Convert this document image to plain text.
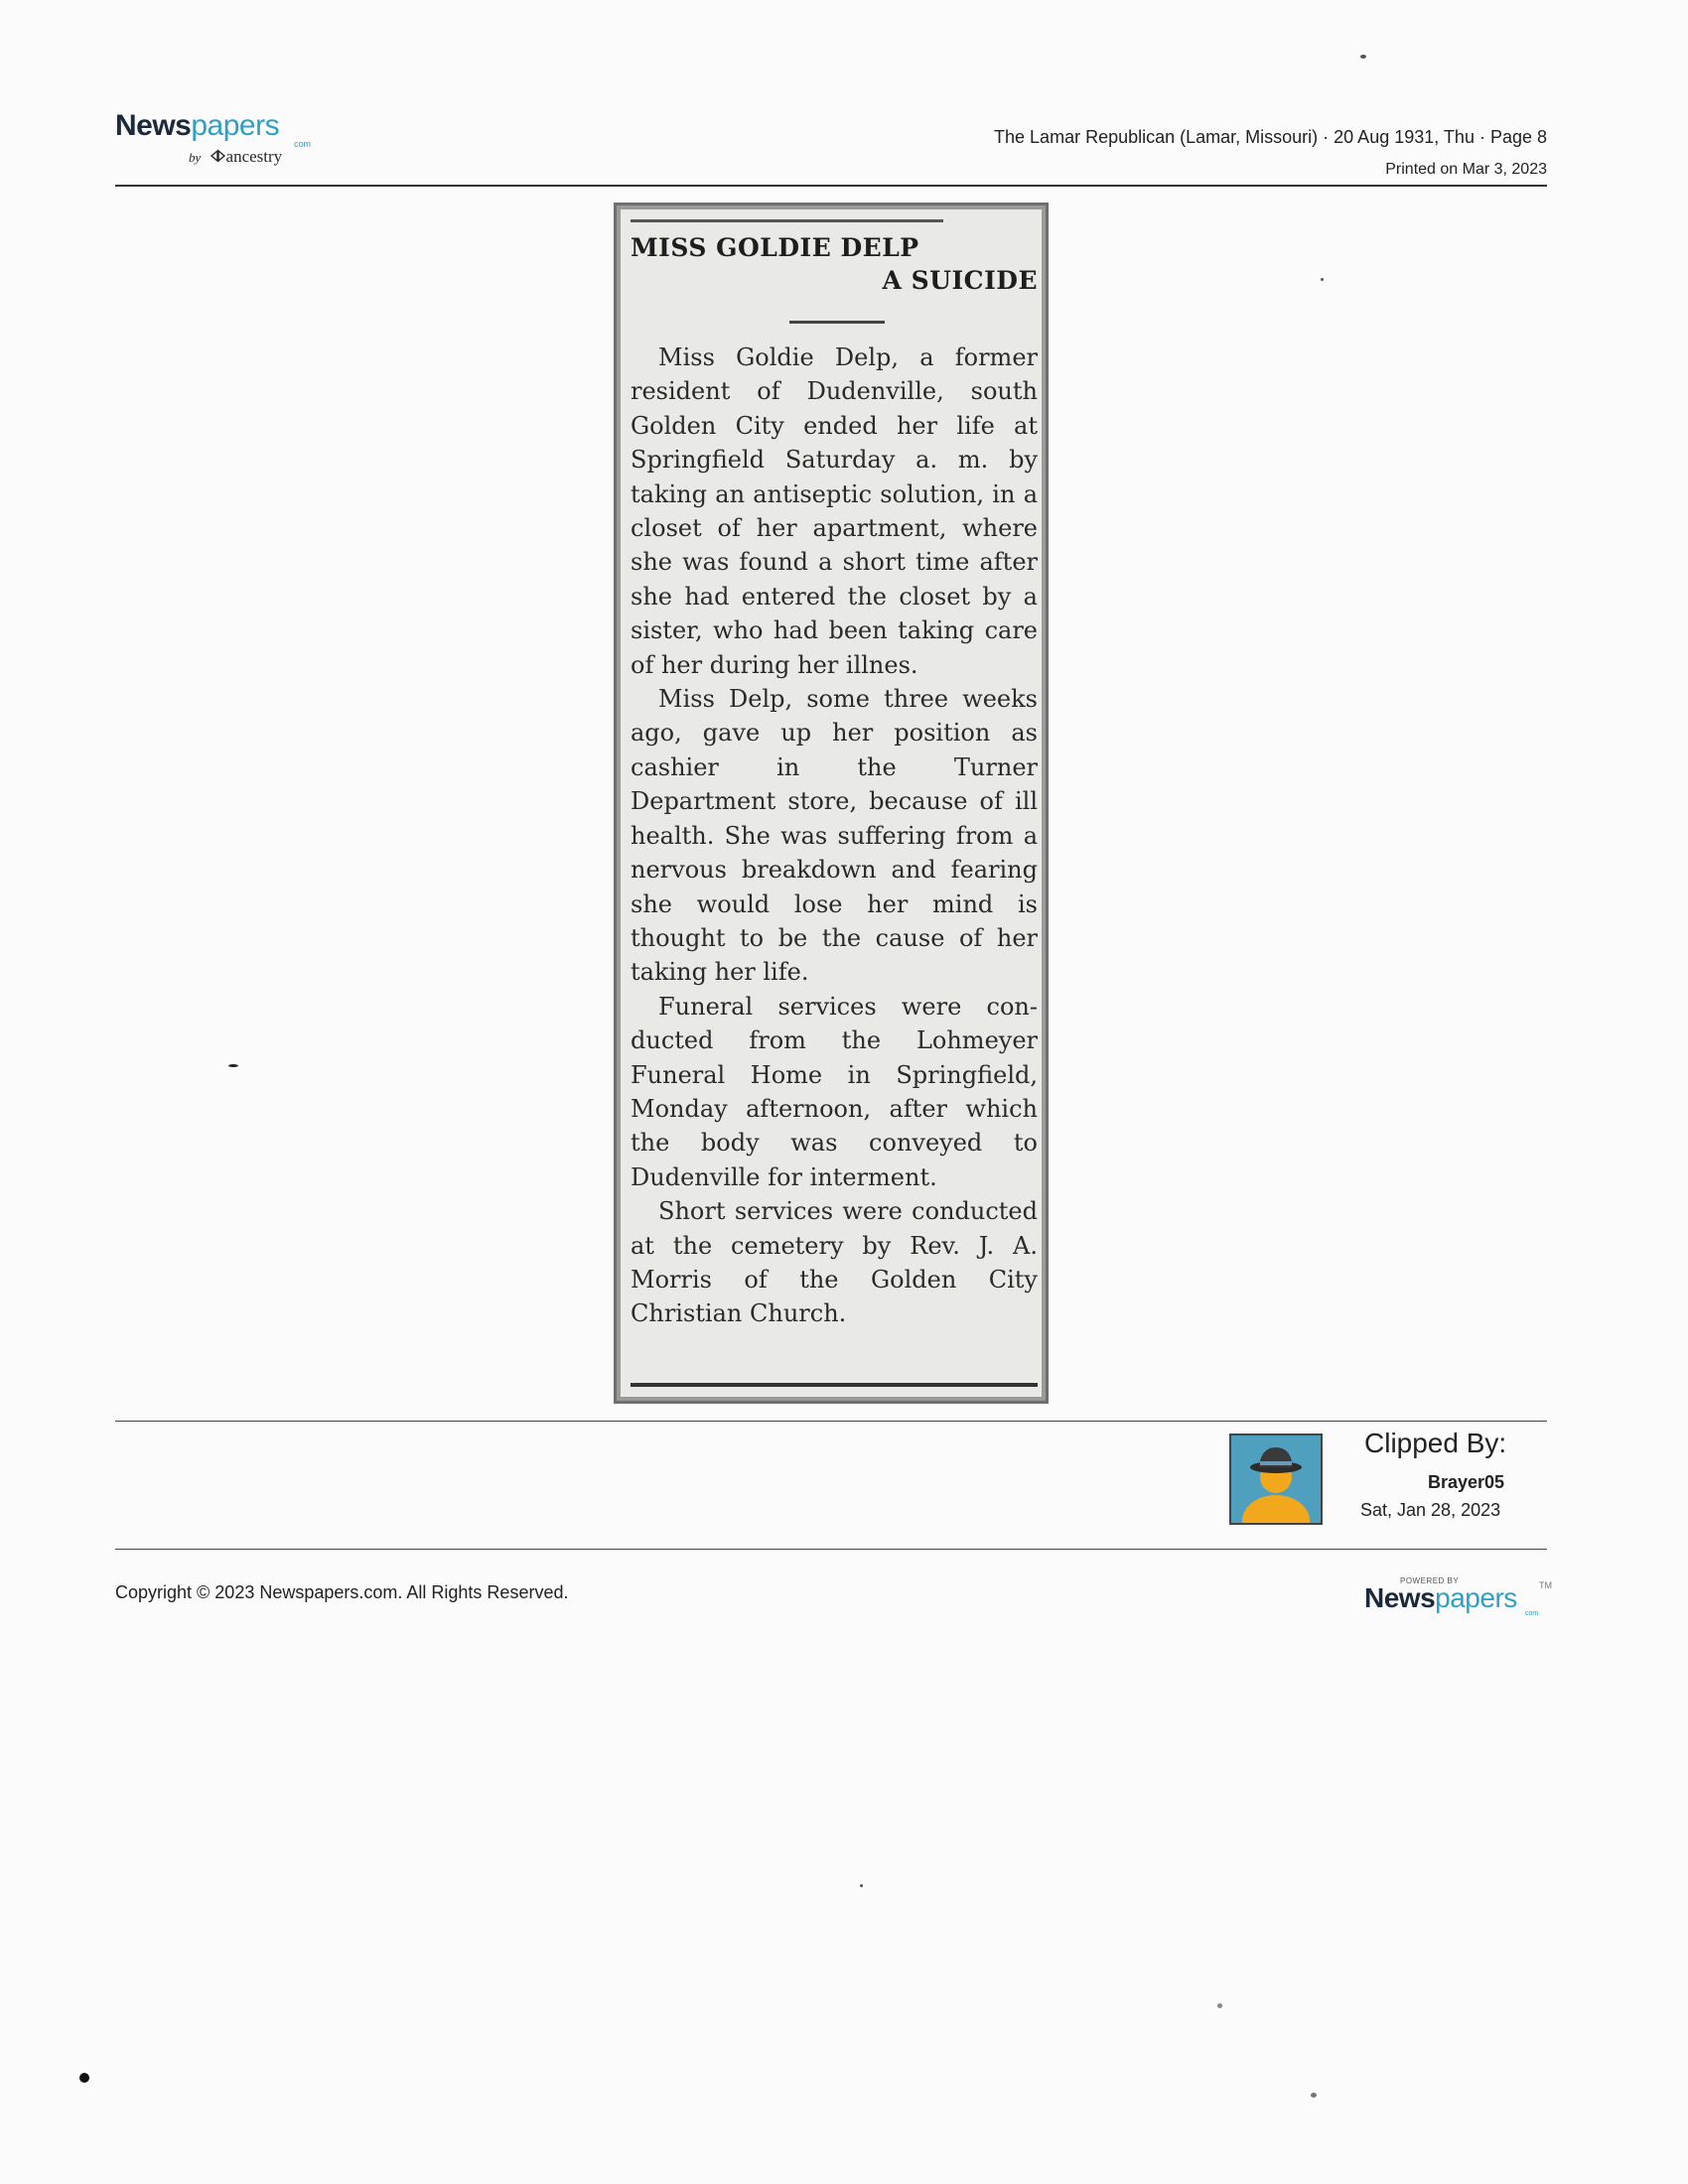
Newspapers
com
by ancestry
The Lamar Republican (Lamar, Missouri) · 20 Aug 1931, Thu · Page 8
Printed on Mar 3, 2023
MISS GOLDIE DELP
A SUICIDE

Miss Goldie Delp, a former resident of Dudenville, south Golden City ended her life at Springfield Saturday a. m. by taking an antiseptic solution, in a closet of her apartment, where she was found a short time after she had entered the closet by a sister, who had been taking care of her during her illnes.

Miss Delp, some three weeks ago, gave up her position as cashier in the Turner Department store, because of ill health. She was suffering from a nervous breakdown and fearing she would lose her mind is thought to be the cause of her taking her life.

Funeral services were conducted from the Lohmeyer Funeral Home in Springfield, Monday afternoon, after which the body was conveyed to Dudenville for interment.

Short services were conducted at the cemetery by Rev. J. A. Morris of the Golden City Christian Church.

Clipped By:
Brayer05
Sat, Jan 28, 2023
Copyright © 2023 Newspapers.com. All Rights Reserved.
POWERED BY
Newspapers TM
com
